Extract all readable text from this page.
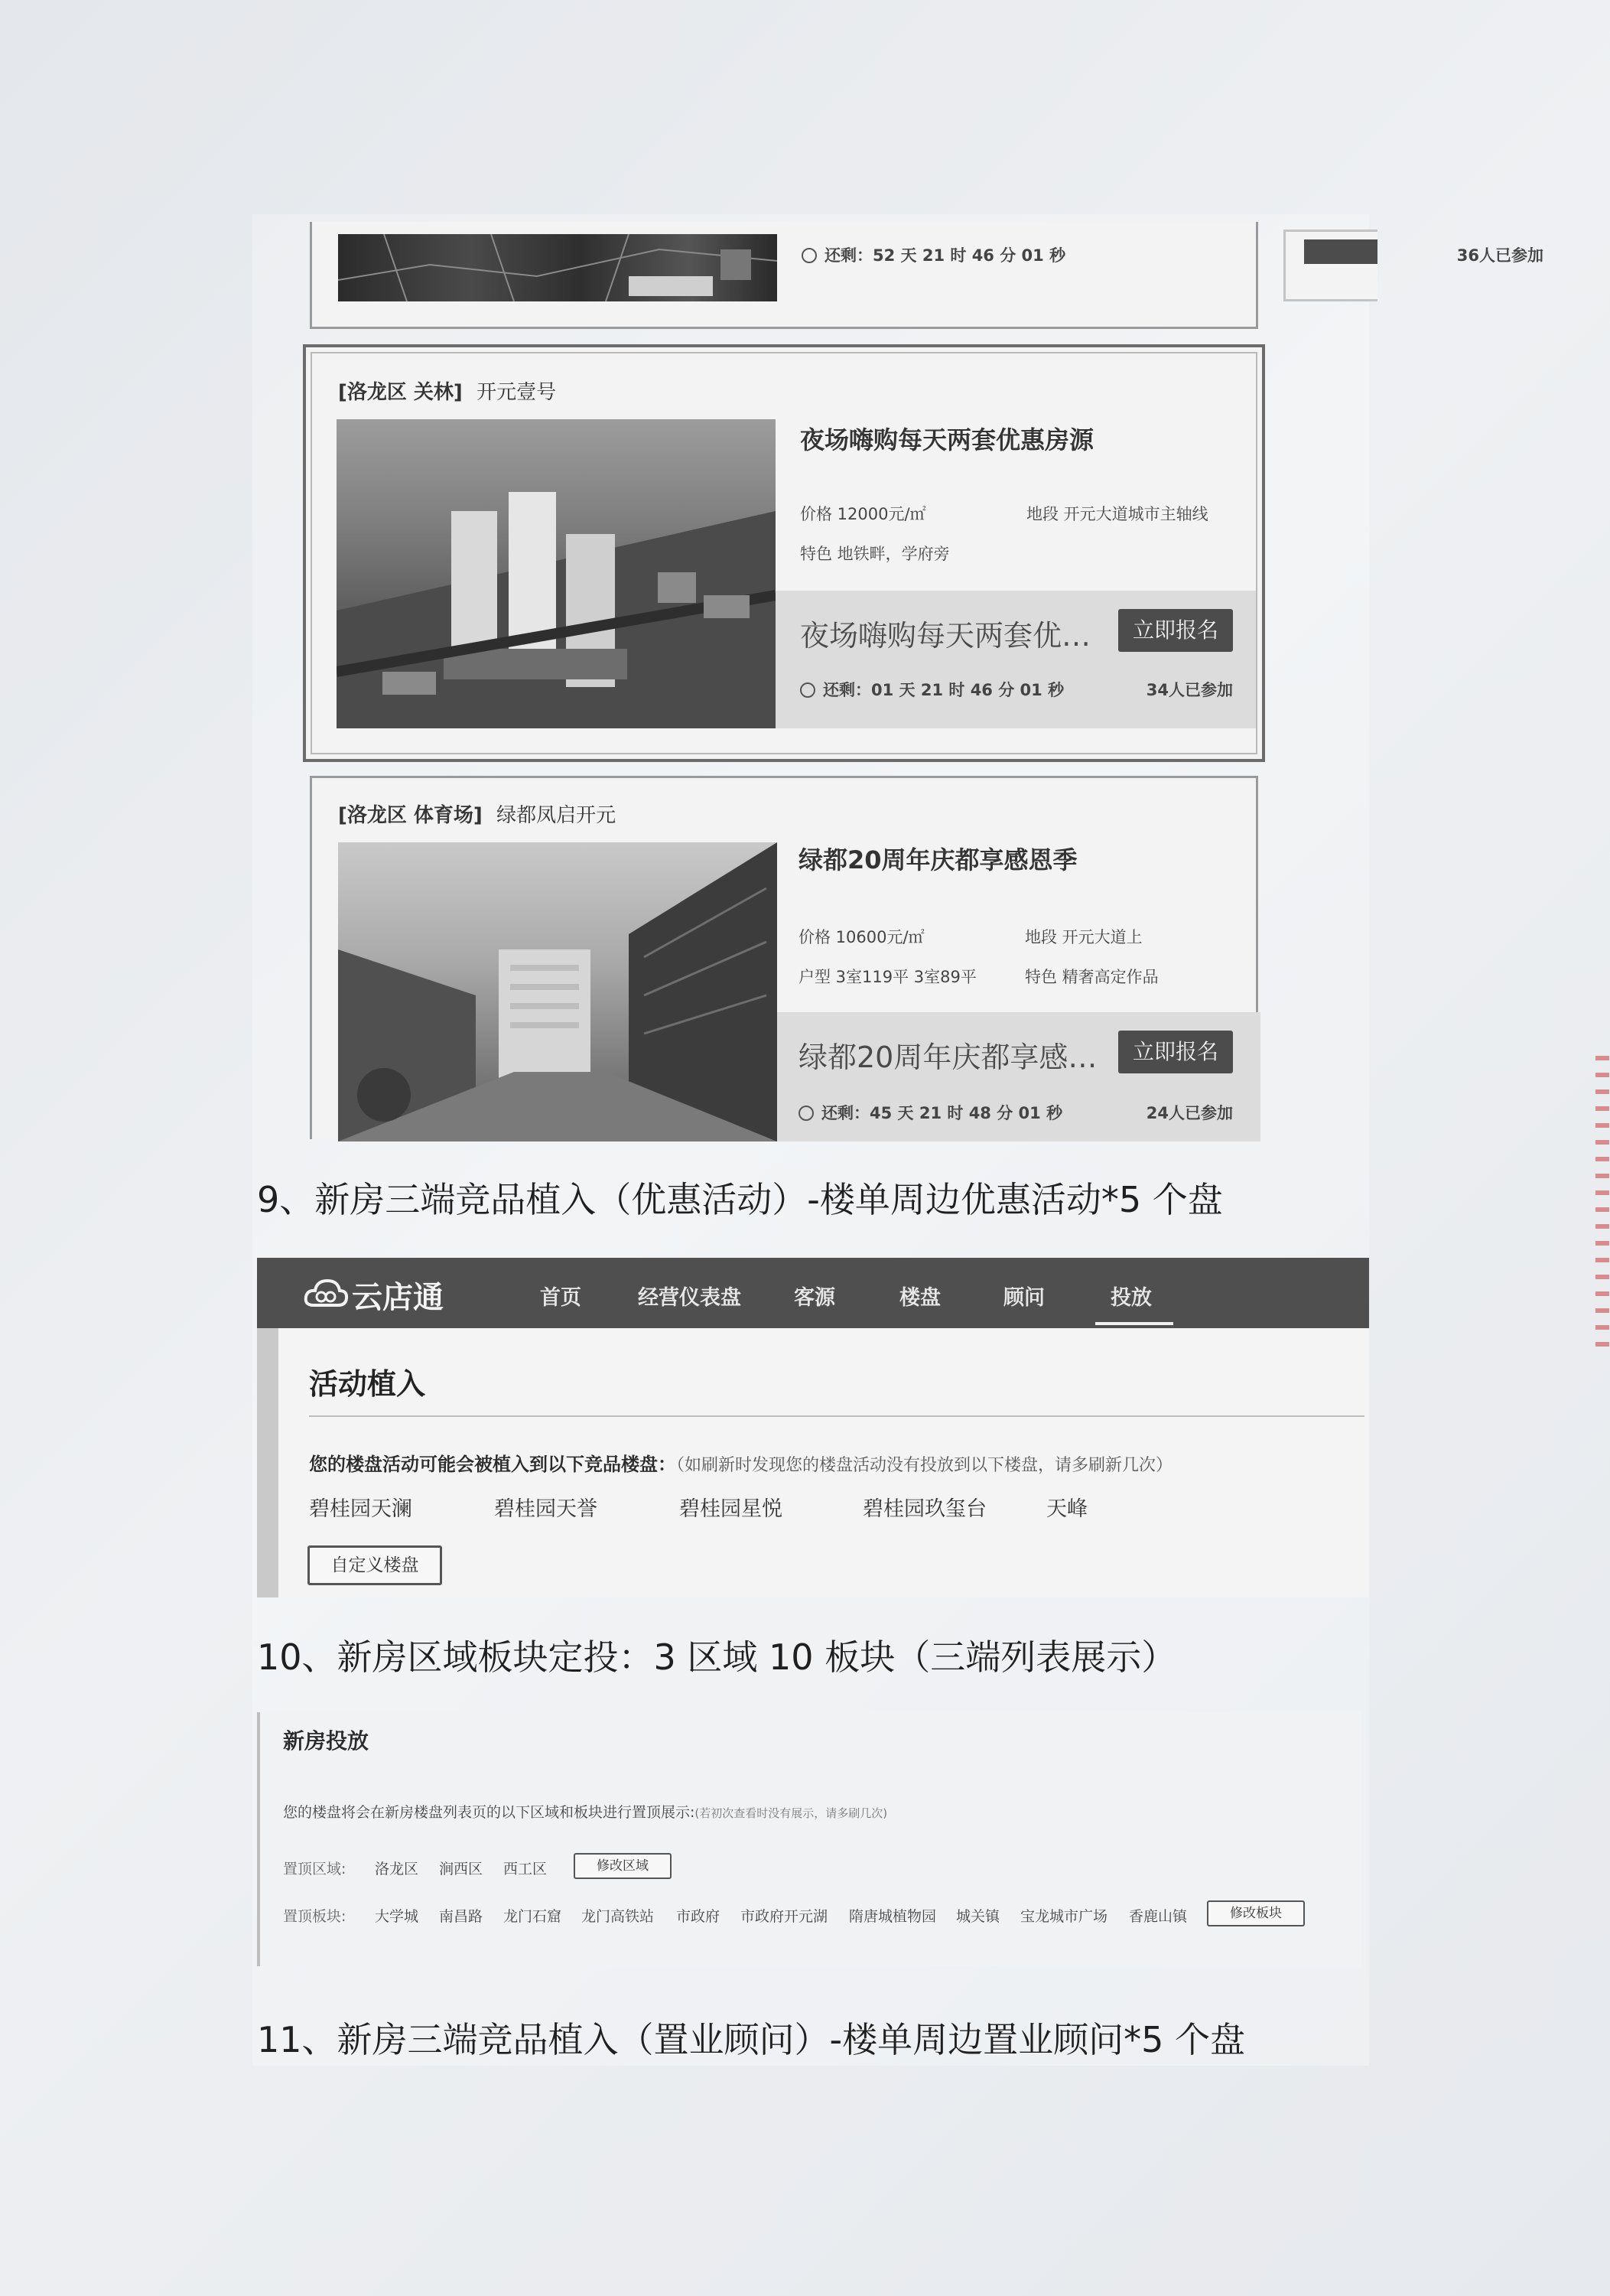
还剩：52 天 21 时 46 分 01 秒	36人已参加
[洛龙区 关林] 开元壹号
夜场嗨购每天两套优惠房源
价格 12000元/㎡	地段 开元大道城市主轴线
特色 地铁畔，学府旁
夜场嗨购每天两套优…	立即报名
还剩：01 天 21 时 46 分 01 秒	34人已参加
[洛龙区 体育场] 绿都凤启开元
绿都20周年庆都享感恩季
价格 10600元/㎡	地段 开元大道上
户型 3室119平 3室89平	特色 精奢高定作品
绿都20周年庆都享感…	立即报名
还剩：45 天 21 时 48 分 01 秒	24人已参加
9、新房三端竞品植入（优惠活动）-楼单周边优惠活动*5 个盘
云店通	首页	经营仪表盘	客源	楼盘	顾问	投放
活动植入
您的楼盘活动可能会被植入到以下竞品楼盘：（如刷新时发现您的楼盘活动没有投放到以下楼盘，请多刷新几次）
碧桂园天澜	碧桂园天誉	碧桂园星悦	碧桂园玖玺台	天峰
自定义楼盘
10、新房区域板块定投：3 区域 10 板块（三端列表展示）
新房投放
您的楼盘将会在新房楼盘列表页的以下区域和板块进行置顶展示:(若初次查看时没有展示，请多刷几次)
置顶区域: 洛龙区 涧西区 西工区	修改区域
置顶板块: 大学城 南昌路 龙门石窟 龙门高铁站 市政府 市政府开元湖 隋唐城植物园 城关镇 宝龙城市广场 香鹿山镇	修改板块
11、新房三端竞品植入（置业顾问）-楼单周边置业顾问*5 个盘
